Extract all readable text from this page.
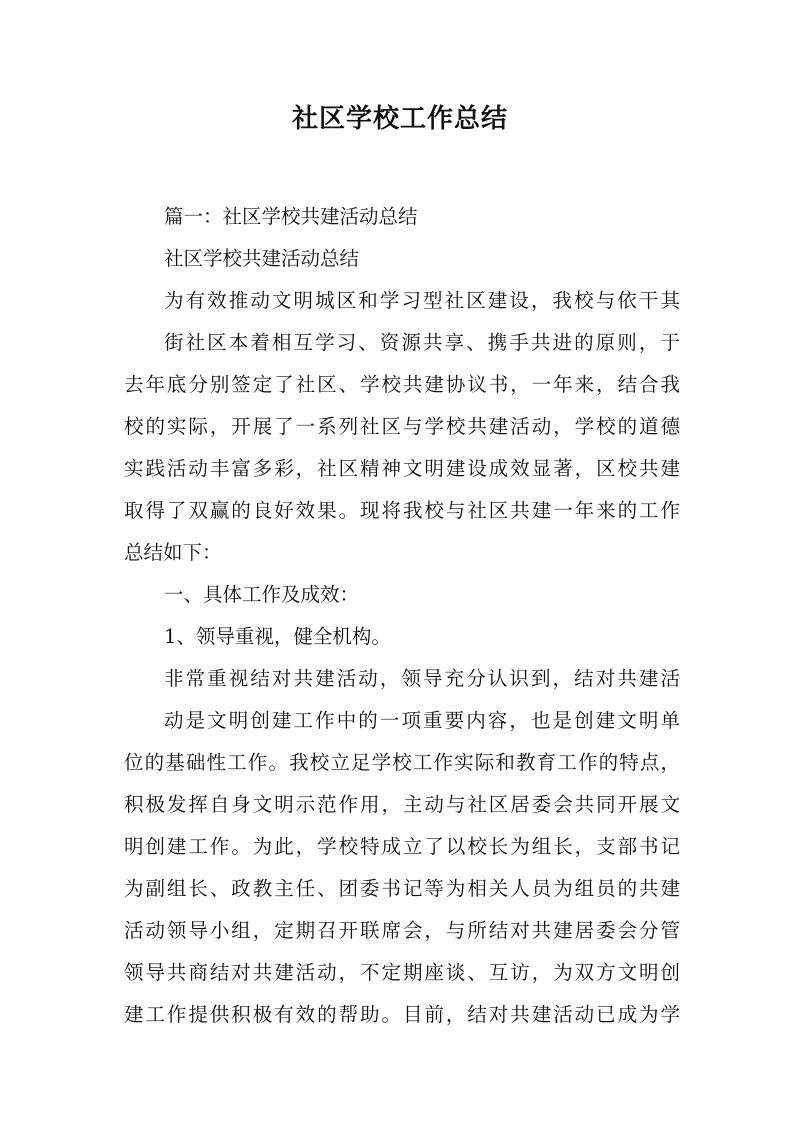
社区学校工作总结
篇一：社区学校共建活动总结
社区学校共建活动总结
为有效推动文明城区和学习型社区建设，我校与依干其
街社区本着相互学习、资源共享、携手共进的原则，于
去年底分别签定了社区、学校共建协议书，一年来，结合我
校的实际，开展了一系列社区与学校共建活动，学校的道德
实践活动丰富多彩，社区精神文明建设成效显著，区校共建
取得了双赢的良好效果。现将我校与社区共建一年来的工作
总结如下：
一、具体工作及成效：
1、领导重视，健全机构。
非常重视结对共建活动，领导充分认识到，结对共建活
动是文明创建工作中的一项重要内容，也是创建文明单
位的基础性工作。我校立足学校工作实际和教育工作的特点，
积极发挥自身文明示范作用，主动与社区居委会共同开展文
明创建工作。为此，学校特成立了以校长为组长，支部书记
为副组长、政教主任、团委书记等为相关人员为组员的共建
活动领导小组，定期召开联席会，与所结对共建居委会分管
领导共商结对共建活动，不定期座谈、互访，为双方文明创
建工作提供积极有效的帮助。目前，结对共建活动已成为学
